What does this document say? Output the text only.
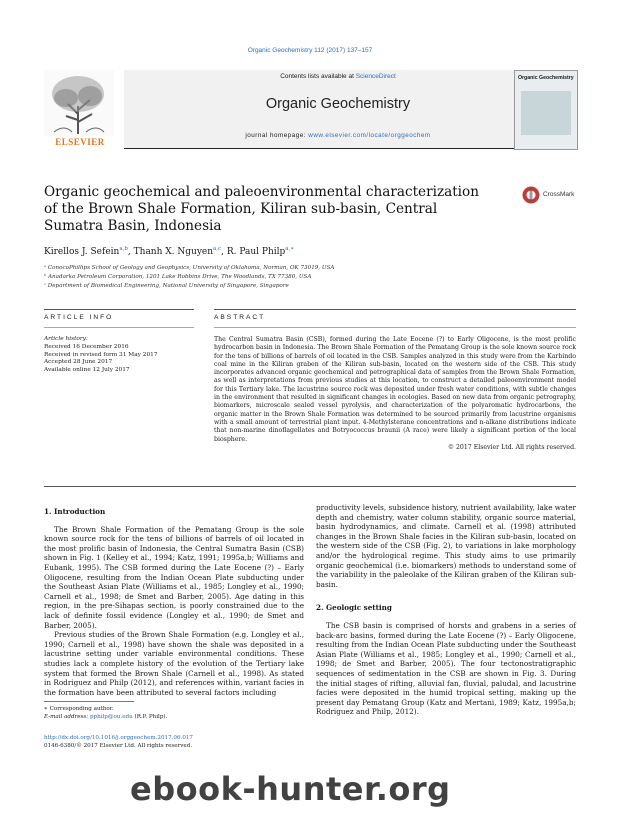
Organic Geochemistry 112 (2017) 137–157
ELSEVIER
Contents lists available at ScienceDirect
Organic Geochemistry
journal homepage: www.elsevier.com/locate/orggeochem
Organic Geochemistry
Organic geochemical and paleoenvironmental characterization of the Brown Shale Formation, Kiliran sub-basin, Central Sumatra Basin, Indonesia
CrossMark
Kirellos J. Sefein$^{a,b}$, Thanh X. Nguyen$^{a,c}$, R. Paul Philp$^{a,∗}$
ᵃ ConocoPhillips School of Geology and Geophysics, University of Oklahoma, Norman, OK 73019, USA
ᵇ Anadarko Petroleum Corporation, 1201 Lake Robbins Drive, The Woodlands, TX 77380, USA
ᶜ Department of Biomedical Engineering, National University of Singapore, Singapore
ARTICLE INFO	ABSTRACT
Article history:
Received 16 December 2016
Received in revised form 31 May 2017
Accepted 28 June 2017
Available online 12 July 2017
The Central Sumatra Basin (CSB), formed during the Late Eocene (?) to Early Oligocene, is the most prolific hydrocarbon basin in Indonesia. The Brown Shale Formation of the Pematang Group is the sole known source rock for the tens of billions of barrels of oil located in the CSB. Samples analyzed in this study were from the Karbindo coal mine in the Kiliran graben of the Kiliran sub-basin, located on the western side of the CSB. This study incorporates advanced organic geochemical and petrographical data of samples from the Brown Shale Formation, as well as interpretations from previous studies at this location, to construct a detailed paleoenvironment model for this Tertiary lake. The lacustrine source rock was deposited under fresh water conditions, with subtle changes in the environment that resulted in significant changes in ecologies. Based on new data from organic petrography, biomarkers, microscale sealed vessel pyrolysis, and characterization of the polyaromatic hydrocarbons, the organic matter in the Brown Shale Formation was determined to be sourced primarily from lacustrine organisms with a small amount of terrestrial plant input. 4-Methylsterane concentrations and n-alkane distributions indicate that non-marine dinoflagellates and Botryococcus braunii (A race) were likely a significant portion of the local biosphere.
© 2017 Elsevier Ltd. All rights reserved.
1. Introduction

The Brown Shale Formation of the Pematang Group is the sole known source rock for the tens of billions of barrels of oil located in the most prolific basin of Indonesia, the Central Sumatra Basin (CSB) shown in Fig. 1 (Kelley et al., 1994; Katz, 1991; 1995a,b; Williams and Eubank, 1995). The CSB formed during the Late Eocene (?) – Early Oligocene, resulting from the Indian Ocean Plate subducting under the Southeast Asian Plate (Williams et al., 1985; Longley et al., 1990; Carnell et al., 1998; de Smet and Barber, 2005). Age dating in this region, in the pre-Sihapas section, is poorly constrained due to the lack of definite fossil evidence (Longley et al., 1990; de Smet and Barber, 2005).

Previous studies of the Brown Shale Formation (e.g. Longley et al., 1990; Carnell et al., 1998) have shown the shale was deposited in a lacustrine setting under variable environmental conditions. These studies lack a complete history of the evolution of the Tertiary lake system that formed the Brown Shale (Carnell et al., 1998). As stated in Rodriguez and Philp (2012), and references within, variant facies in the formation have been attributed to several factors including

productivity levels, subsidence history, nutrient availability, lake water depth and chemistry, water column stability, organic source material, basin hydrodynamics, and climate. Carnell et al. (1998) attributed changes in the Brown Shale facies in the Kiliran sub-basin, located on the western side of the CSB (Fig. 2), to variations in lake morphology and/or the hydrological regime. This study aims to use primarily organic geochemical (i.e. biomarkers) methods to understand some of the variability in the paleolake of the Kiliran graben of the Kiliran sub-basin.

2. Geologic setting

The CSB basin is comprised of horsts and grabens in a series of back-arc basins, formed during the Late Eocene (?) – Early Oligocene, resulting from the Indian Ocean Plate subducting under the Southeast Asian Plate (Williams et al., 1985; Longley et al., 1990; Carnell et al., 1998; de Smet and Barber, 2005). The four tectonostratigraphic sequences of sedimentation in the CSB are shown in Fig. 3. During the initial stages of rifting, alluvial fan, fluvial, paludal, and lacustrine facies were deposited in the humid tropical setting, making up the present day Pematang Group (Katz and Mertani, 1989; Katz, 1995a,b; Rodriguez and Philp, 2012).

∗ Corresponding author.
E-mail address: pphilp@ou.edu (R.P. Philp).
http://dx.doi.org/10.1016/j.orggeochem.2017.06.017
0146-6380/© 2017 Elsevier Ltd. All rights reserved.
ebook-hunter.org
